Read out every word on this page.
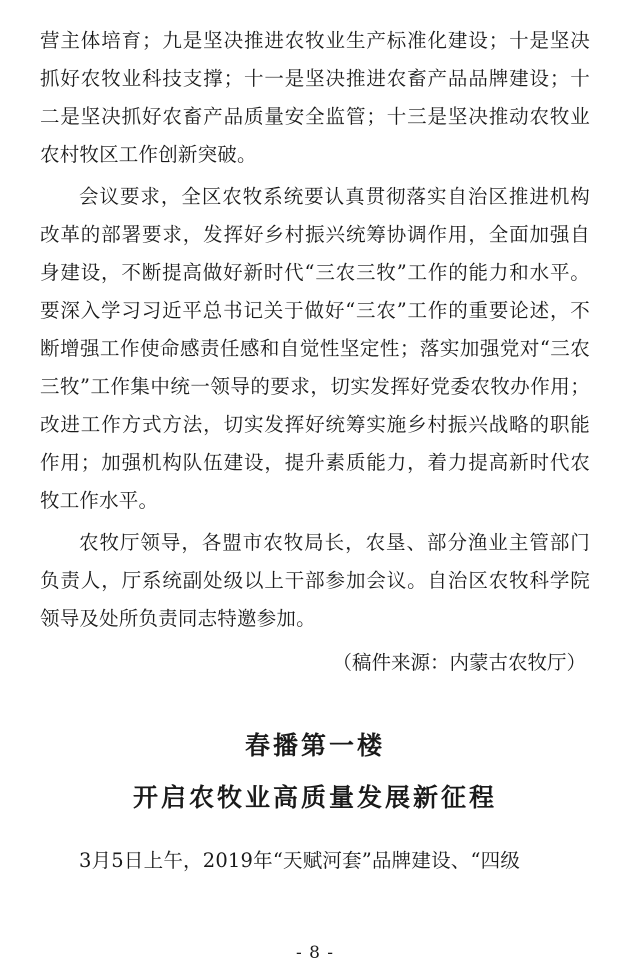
营主体培育；九是坚决推进农牧业生产标准化建设；十是坚决抓好农牧业科技支撑；十一是坚决推进农畜产品品牌建设；十二是坚决抓好农畜产品质量安全监管；十三是坚决推动农牧业农村牧区工作创新突破。

会议要求，全区农牧系统要认真贯彻落实自治区推进机构改革的部署要求，发挥好乡村振兴统筹协调作用，全面加强自身建设，不断提高做好新时代“三农三牧”工作的能力和水平。要深入学习习近平总书记关于做好“三农”工作的重要论述，不断增强工作使命感责任感和自觉性坚定性；落实加强党对“三农三牧”工作集中统一领导的要求，切实发挥好党委农牧办作用；改进工作方式方法，切实发挥好统筹实施乡村振兴战略的职能作用；加强机构队伍建设，提升素质能力，着力提高新时代农牧工作水平。

农牧厅领导，各盟市农牧局长，农垦、部分渔业主管部门负责人，厅系统副处级以上干部参加会议。自治区农牧科学院领导及处所负责同志特邀参加。

（稿件来源：内蒙古农牧厅）

春播第一楼
开启农牧业高质量发展新征程

3月5日上午，2019年“天赋河套”品牌建设、“四级

- 8 -
